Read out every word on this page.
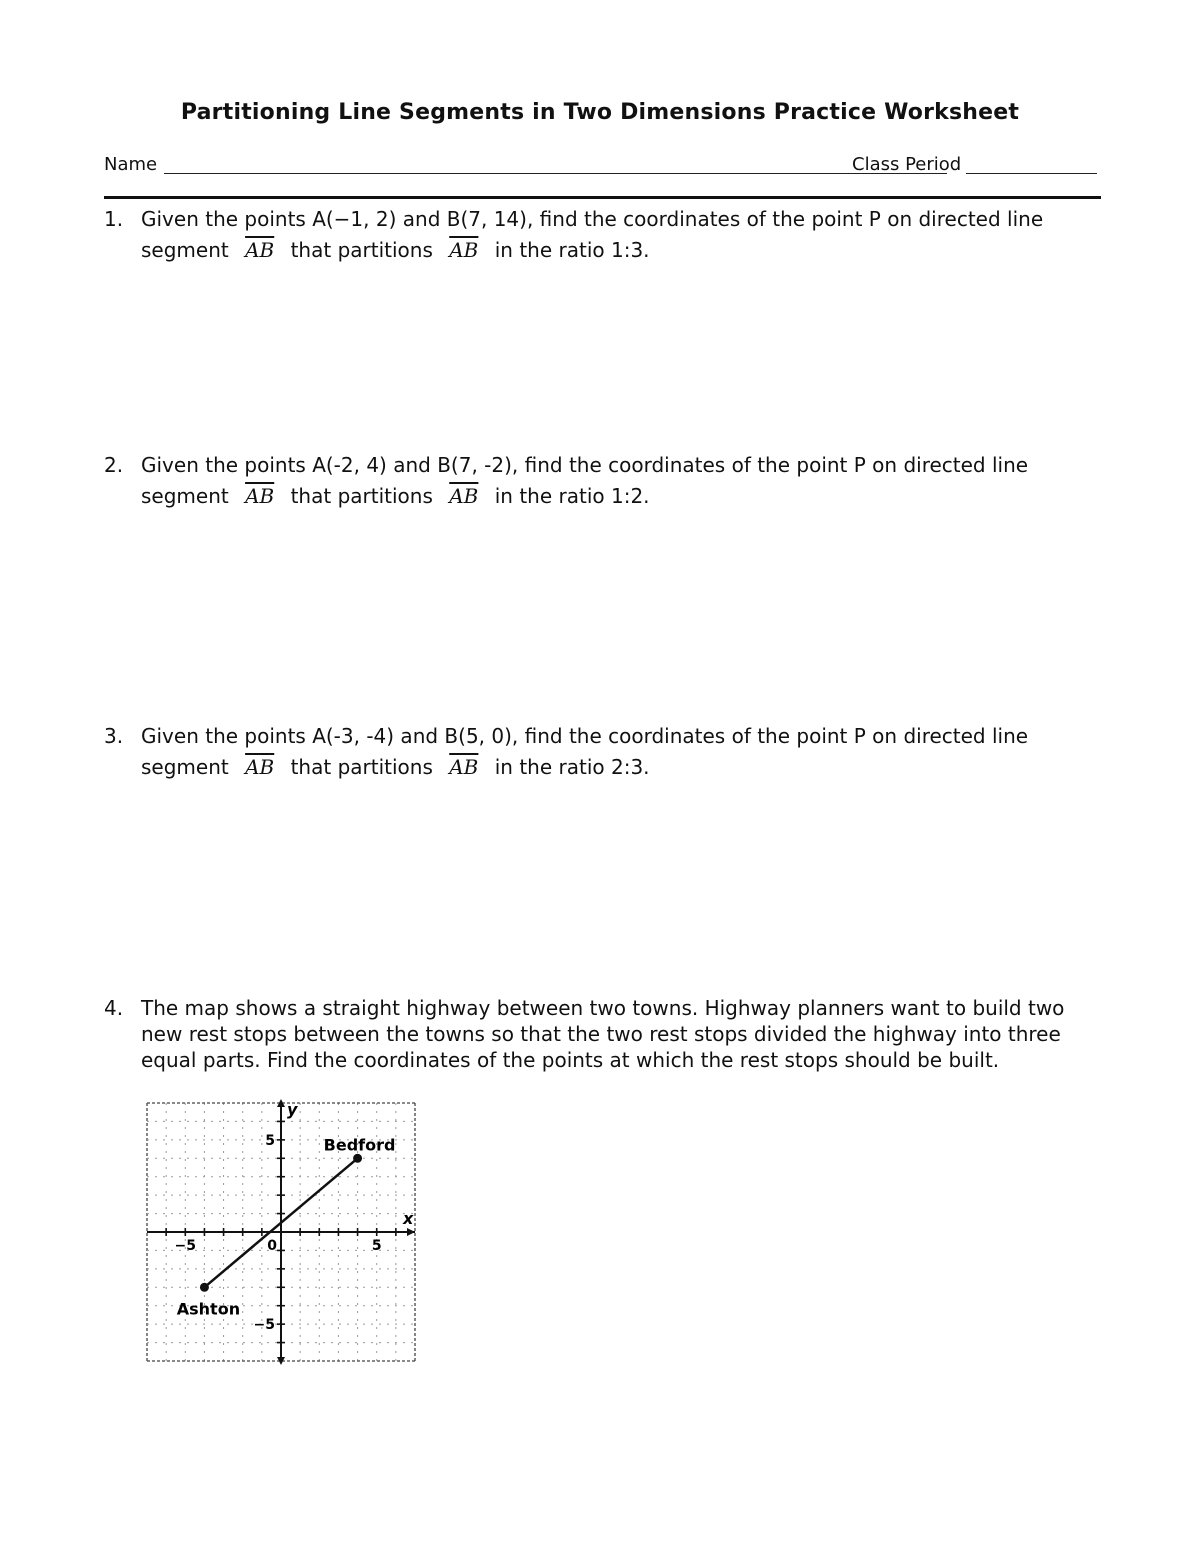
Partitioning Line Segments in Two Dimensions Practice Worksheet
Name	Class Period
1. Given the points A(−1, 2) and B(7, 14), find the coordinates of the point P on directed line segment $\overline{AB}$ that partitions $\overline{AB}$ in the ratio 1:3.
2. Given the points A(-2, 4) and B(7, -2), find the coordinates of the point P on directed line segment $\overline{AB}$ that partitions $\overline{AB}$ in the ratio 1:2.
3. Given the points A(-3, -4) and B(5, 0), find the coordinates of the point P on directed line segment $\overline{AB}$ that partitions $\overline{AB}$ in the ratio 2:3.
4. The map shows a straight highway between two towns. Highway planners want to build two new rest stops between the towns so that the two rest stops divided the highway into three equal parts. Find the coordinates of the points at which the rest stops should be built.
x
y
0
−5	5
5
−5
Bedford
Ashton
